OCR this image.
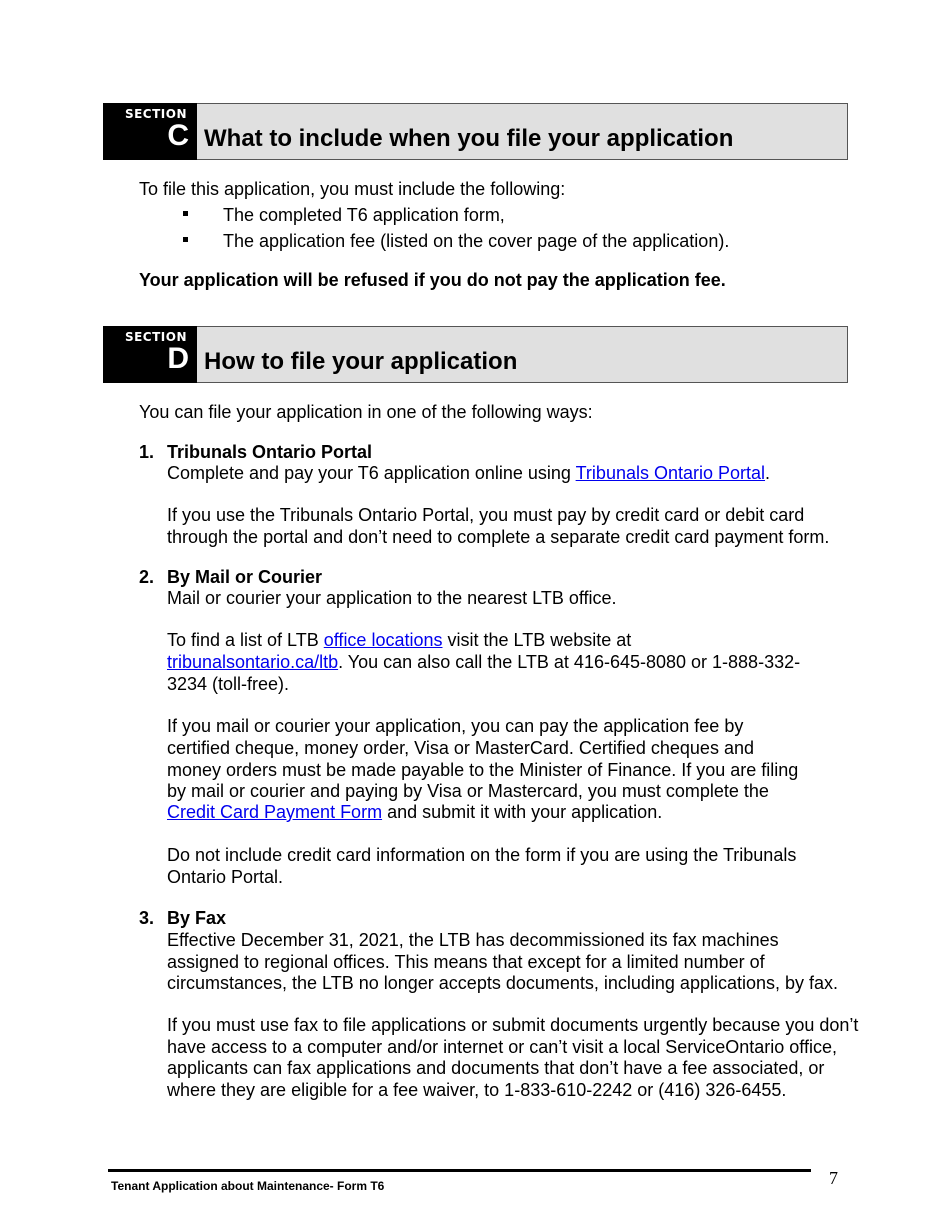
SECTION
C What to include when you file your application
To file this application, you must include the following:
The completed T6 application form,
The application fee (listed on the cover page of the application).
Your application will be refused if you do not pay the application fee.
SECTION
D How to file your application
You can file your application in one of the following ways:
1. Tribunals Ontario Portal
Complete and pay your T6 application online using Tribunals Ontario Portal.
If you use the Tribunals Ontario Portal, you must pay by credit card or debit card
through the portal and don’t need to complete a separate credit card payment form.
2. By Mail or Courier
Mail or courier your application to the nearest LTB office.
To find a list of LTB office locations visit the LTB website at
tribunalsontario.ca/ltb. You can also call the LTB at 416-645-8080 or 1-888-332-
3234 (toll-free).
If you mail or courier your application, you can pay the application fee by
certified cheque, money order, Visa or MasterCard. Certified cheques and
money orders must be made payable to the Minister of Finance. If you are filing
by mail or courier and paying by Visa or Mastercard, you must complete the
Credit Card Payment Form and submit it with your application.
Do not include credit card information on the form if you are using the Tribunals
Ontario Portal.
3. By Fax
Effective December 31, 2021, the LTB has decommissioned its fax machines
assigned to regional offices. This means that except for a limited number of
circumstances, the LTB no longer accepts documents, including applications, by fax.
If you must use fax to file applications or submit documents urgently because you don’t
have access to a computer and/or internet or can’t visit a local ServiceOntario office,
applicants can fax applications and documents that don’t have a fee associated, or
where they are eligible for a fee waiver, to 1-833-610-2242 or (416) 326-6455.
Tenant Application about Maintenance- Form T6	7
